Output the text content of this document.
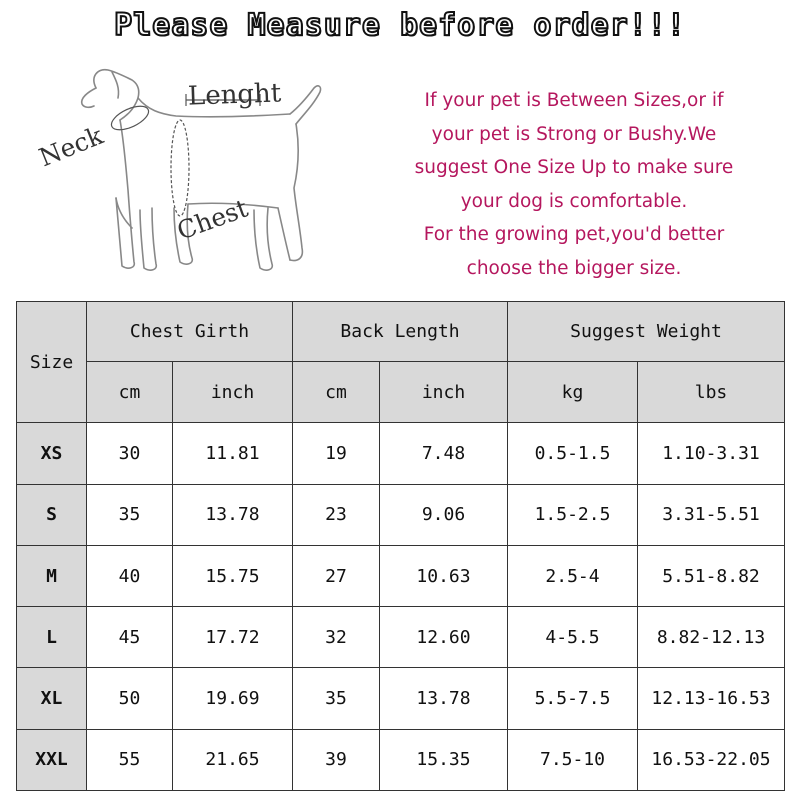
Please Measure before order!!!
Lenght
Neck
Chest
If your pet is Between Sizes,or if
your pet is Strong or Bushy.We
suggest One Size Up to make sure
your dog is comfortable.
For the growing pet,you'd better
choose the bigger size.
Size	Chest Girth		Back Length		Suggest Weight	
	cm	inch	cm	inch	kg	lbs
XS	30	11.81	19	7.48	0.5-1.5	1.10-3.31
S	35	13.78	23	9.06	1.5-2.5	3.31-5.51
M	40	15.75	27	10.63	2.5-4	5.51-8.82
L	45	17.72	32	12.60	4-5.5	8.82-12.13
XL	50	19.69	35	13.78	5.5-7.5	12.13-16.53
XXL	55	21.65	39	15.35	7.5-10	16.53-22.05
